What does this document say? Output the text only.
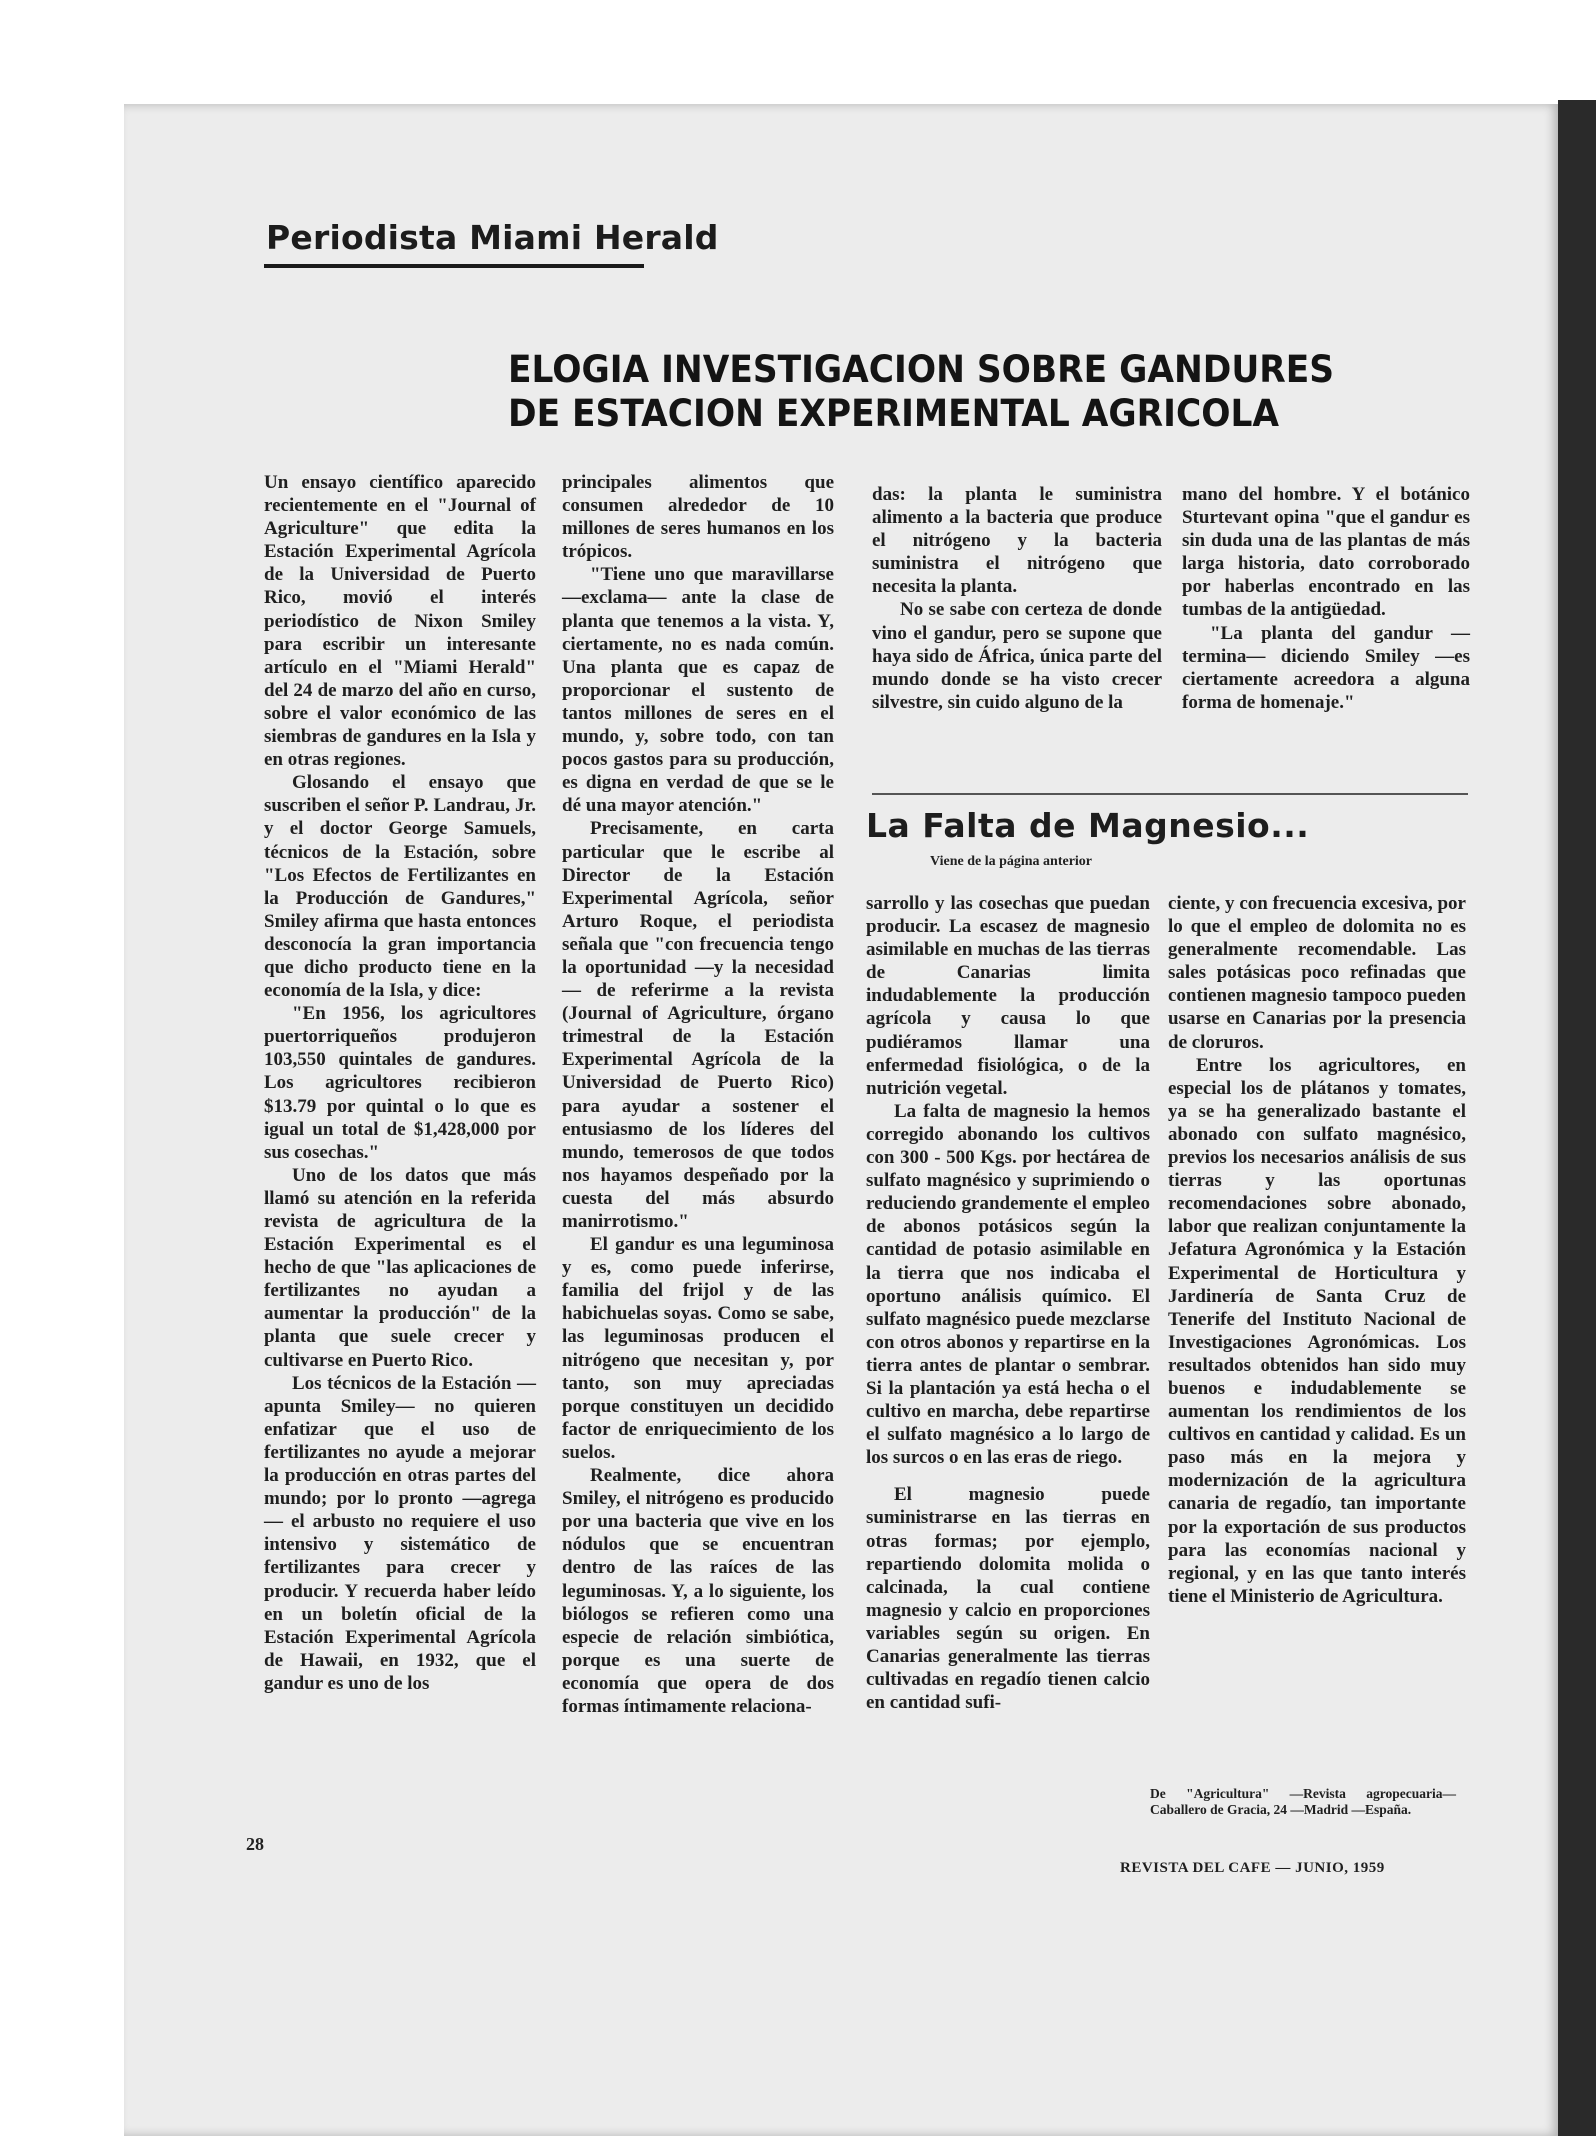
Periodista Miami Herald
ELOGIA INVESTIGACION SOBRE GANDURES
DE ESTACION EXPERIMENTAL AGRICOLA

Un ensayo científico aparecido recientemente en el "Journal of Agriculture" que edita la Estación Experimental Agrícola de la Universidad de Puerto Rico, movió el interés periodístico de Nixon Smiley para escribir un interesante artículo en el "Miami Herald" del 24 de marzo del año en curso, sobre el valor económico de las siembras de gandures en la Isla y en otras regiones.

Glosando el ensayo que suscriben el señor P. Landrau, Jr. y el doctor George Samuels, técnicos de la Estación, sobre "Los Efectos de Fertilizantes en la Producción de Gandures," Smiley afirma que hasta entonces desconocía la gran importancia que dicho producto tiene en la economía de la Isla, y dice:

"En 1956, los agricultores puertorriqueños produjeron 103,550 quintales de gandures. Los agricultores recibieron $13.79 por quintal o lo que es igual un total de $1,428,000 por sus cosechas."

Uno de los datos que más llamó su atención en la referida revista de agricultura de la Estación Experimental es el hecho de que "las aplicaciones de fertilizantes no ayudan a aumentar la producción" de la planta que suele crecer y cultivarse en Puerto Rico.

Los técnicos de la Estación —apunta Smiley— no quieren enfatizar que el uso de fertilizantes no ayude a mejorar la producción en otras partes del mundo; por lo pronto —agrega— el arbusto no requiere el uso intensivo y sistemático de fertilizantes para crecer y producir. Y recuerda haber leído en un boletín oficial de la Estación Experimental Agrícola de Hawaii, en 1932, que el gandur es uno de los

principales alimentos que consumen alrededor de 10 millones de seres humanos en los trópicos.

"Tiene uno que maravillarse —exclama— ante la clase de planta que tenemos a la vista. Y, ciertamente, no es nada común. Una planta que es capaz de proporcionar el sustento de tantos millones de seres en el mundo, y, sobre todo, con tan pocos gastos para su producción, es digna en verdad de que se le dé una mayor atención."

Precisamente, en carta particular que le escribe al Director de la Estación Experimental Agrícola, señor Arturo Roque, el periodista señala que "con frecuencia tengo la oportunidad —y la necesidad— de referirme a la revista (Journal of Agriculture, órgano trimestral de la Estación Experimental Agrícola de la Universidad de Puerto Rico) para ayudar a sostener el entusiasmo de los líderes del mundo, temerosos de que todos nos hayamos despeñado por la cuesta del más absurdo manirrotismo."

El gandur es una leguminosa y es, como puede inferirse, familia del frijol y de las habichuelas soyas. Como se sabe, las leguminosas producen el nitrógeno que necesitan y, por tanto, son muy apreciadas porque constituyen un decidido factor de enriquecimiento de los suelos.

Realmente, dice ahora Smiley, el nitrógeno es producido por una bacteria que vive en los nódulos que se encuentran dentro de las raíces de las leguminosas. Y, a lo siguiente, los biólogos se refieren como una especie de relación simbiótica, porque es una suerte de economía que opera de dos formas íntimamente relaciona-

das: la planta le suministra alimento a la bacteria que produce el nitrógeno y la bacteria suministra el nitrógeno que necesita la planta.

No se sabe con certeza de donde vino el gandur, pero se supone que haya sido de África, única parte del mundo donde se ha visto crecer silvestre, sin cuido alguno de la

mano del hombre. Y el botánico Sturtevant opina "que el gandur es sin duda una de las plantas de más larga historia, dato corroborado por haberlas encontrado en las tumbas de la antigüedad.

"La planta del gandur —termina— diciendo Smiley —es ciertamente acreedora a alguna forma de homenaje."

La Falta de Magnesio...
Viene de la página anterior

sarrollo y las cosechas que puedan producir. La escasez de magnesio asimilable en muchas de las tierras de Canarias limita indudablemente la producción agrícola y causa lo que pudiéramos llamar una enfermedad fisiológica, o de la nutrición vegetal.

La falta de magnesio la hemos corregido abonando los cultivos con 300 - 500 Kgs. por hectárea de sulfato magnésico y suprimiendo o reduciendo grandemente el empleo de abonos potásicos según la cantidad de potasio asimilable en la tierra que nos indicaba el oportuno análisis químico. El sulfato magnésico puede mezclarse con otros abonos y repartirse en la tierra antes de plantar o sembrar. Si la plantación ya está hecha o el cultivo en marcha, debe repartirse el sulfato magnésico a lo largo de los surcos o en las eras de riego.

El magnesio puede suministrarse en las tierras en otras formas; por ejemplo, repartiendo dolomita molida o calcinada, la cual contiene magnesio y calcio en proporciones variables según su origen. En Canarias generalmente las tierras cultivadas en regadío tienen calcio en cantidad sufi-

ciente, y con frecuencia excesiva, por lo que el empleo de dolomita no es generalmente recomendable. Las sales potásicas poco refinadas que contienen magnesio tampoco pueden usarse en Canarias por la presencia de cloruros.

Entre los agricultores, en especial los de plátanos y tomates, ya se ha generalizado bastante el abonado con sulfato magnésico, previos los necesarios análisis de sus tierras y las oportunas recomendaciones sobre abonado, labor que realizan conjuntamente la Jefatura Agronómica y la Estación Experimental de Horticultura y Jardinería de Santa Cruz de Tenerife del Instituto Nacional de Investigaciones Agronómicas. Los resultados obtenidos han sido muy buenos e indudablemente se aumentan los rendimientos de los cultivos en cantidad y calidad. Es un paso más en la mejora y modernización de la agricultura canaria de regadío, tan importante por la exportación de sus productos para las economías nacional y regional, y en las que tanto interés tiene el Ministerio de Agricultura.

De "Agricultura" —Revista agropecuaria— Caballero de Gracia, 24 —Madrid —España.
28
REVISTA DEL CAFE — JUNIO, 1959
